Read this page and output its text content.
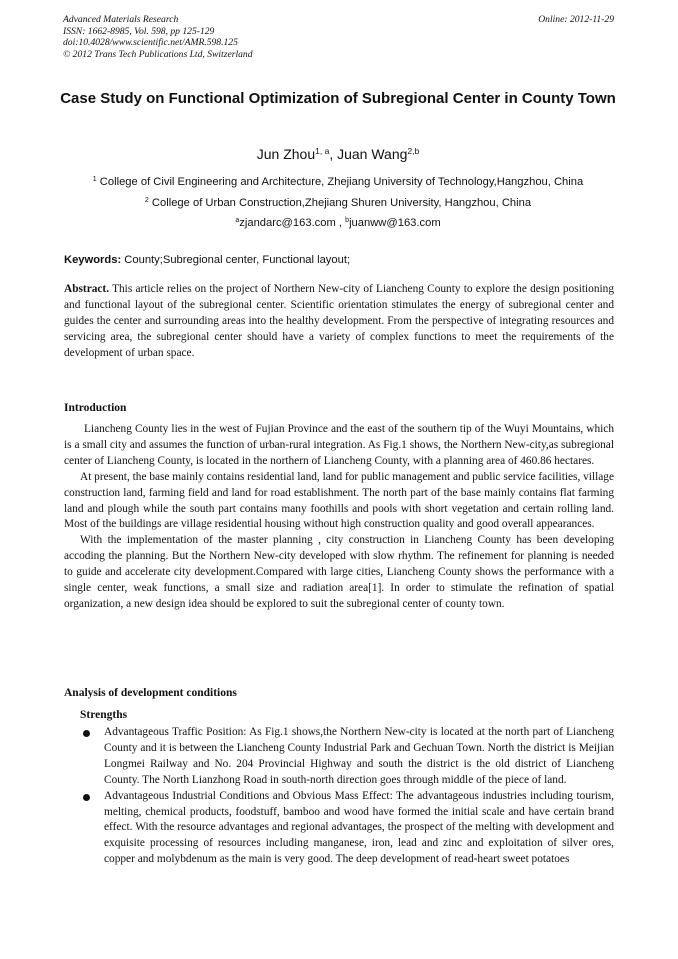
Advanced Materials Research
ISSN: 1662-8985, Vol. 598, pp 125-129
doi:10.4028/www.scientific.net/AMR.598.125
© 2012 Trans Tech Publications Ltd, Switzerland
Online: 2012-11-29
Case Study on Functional Optimization of Subregional Center in County Town
Jun Zhou$^{1, a}$, Juan Wang$^{2,b}$
$^1$ College of Civil Engineering and Architecture, Zhejiang University of Technology,Hangzhou, China
$^2$ College of Urban Construction,Zhejiang Shuren University, Hangzhou, China
$^a$zjandarc@163.com , $^b$juanww@163.com
Keywords: County;Subregional center, Functional layout;
Abstract. This article relies on the project of Northern New-city of Liancheng County to explore the design positioning and functional layout of the subregional center. Scientific orientation stimulates the energy of subregional center and guides the center and surrounding areas into the healthy development. From the perspective of integrating resources and servicing area, the subregional center should have a variety of complex functions to meet the requirements of the development of urban space.
Introduction

Liancheng County lies in the west of Fujian Province and the east of the southern tip of the Wuyi Mountains, which is a small city and assumes the function of urban-rural integration. As Fig.1 shows, the Northern New-city,as subregional center of Liancheng County, is located in the northern of Liancheng County, with a planning area of 460.86 hectares.

At present, the base mainly contains residential land, land for public management and public service facilities, village construction land, farming field and land for road establishment. The north part of the base mainly contains flat farming land and plough while the south part contains many foothills and pools with short vegetation and certain rolling land. Most of the buildings are village residential housing without high construction quality and good overall appearances.

With the implementation of the master planning , city construction in Liancheng County has been developing accoding the planning. But the Northern New-city developed with slow rhythm. The refinement for planning is needed to guide and accelerate city development.Compared with large cities, Liancheng County shows the performance with a single center, weak functions, a small size and radiation area[1]. In order to stimulate the refination of spatial organization, a new design idea should be explored to suit the subregional center of county town.

Analysis of development conditions
Strengths
Advantageous Traffic Position: As Fig.1 shows,the Northern New-city is located at the north part of Liancheng County and it is between the Liancheng County Industrial Park and Gechuan Town. North the district is Meijian Longmei Railway and No. 204 Provincial Highway and south the district is the old district of Liancheng County. The North Lianzhong Road in south-north direction goes through middle of the piece of land.
Advantageous Industrial Conditions and Obvious Mass Effect: The advantageous industries including tourism, melting, chemical products, foodstuff, bamboo and wood have formed the initial scale and have certain brand effect. With the resource advantages and regional advantages, the prospect of the melting with development and exquisite processing of resources including manganese, iron, lead and zinc and exploitation of silver ores, copper and molybdenum as the main is very good. The deep development of read-heart sweet potatoes
